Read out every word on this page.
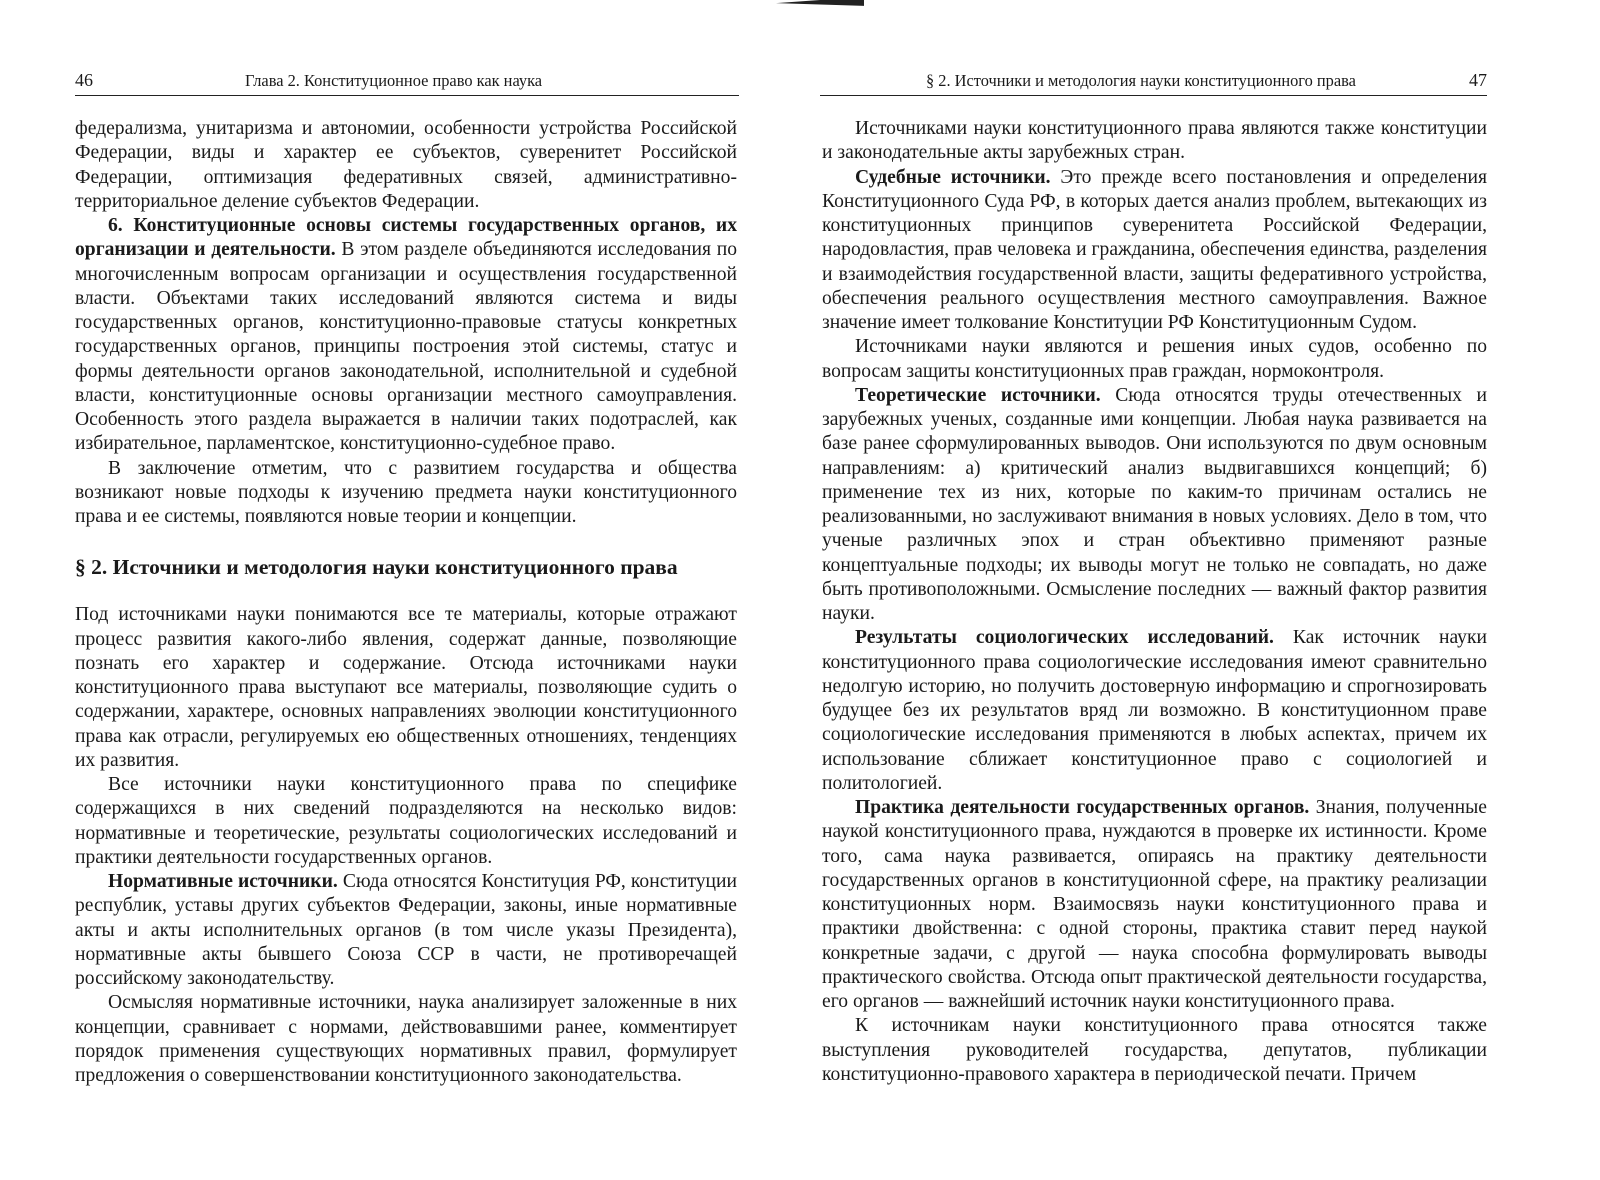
46	Глава 2. Конституционное право как наука

федерализма, унитаризма и автономии, особенности устройства Российской Федерации, виды и характер ее субъектов, суверенитет Российской Федерации, оптимизация федеративных связей, административно-территориальное деление субъектов Федерации.

6. Конституционные основы системы государственных органов, их организации и деятельности. В этом разделе объединяются исследования по многочисленным вопросам организации и осуществления государственной власти. Объектами таких исследований являются система и виды государственных органов, конституционно-правовые статусы конкретных государственных органов, принципы построения этой системы, статус и формы деятельности органов законодательной, исполнительной и судебной власти, конституционные основы организации местного самоуправления. Особенность этого раздела выражается в наличии таких подотраслей, как избирательное, парламентское, конституционно-судебное право.

В заключение отметим, что с развитием государства и общества возникают новые подходы к изучению предмета науки конституционного права и ее системы, появляются новые теории и концепции.

§ 2. Источники и методология науки конституционного права

Под источниками науки понимаются все те материалы, которые отражают процесс развития какого-либо явления, содержат данные, позволяющие познать его характер и содержание. Отсюда источниками науки конституционного права выступают все материалы, позволяющие судить о содержании, характере, основных направлениях эволюции конституционного права как отрасли, регулируемых ею общественных отношениях, тенденциях их развития.

Все источники науки конституционного права по специфике содержащихся в них сведений подразделяются на несколько видов: нормативные и теоретические, результаты социологических исследований и практики деятельности государственных органов.

Нормативные источники. Сюда относятся Конституция РФ, конституции республик, уставы других субъектов Федерации, законы, иные нормативные акты и акты исполнительных органов (в том числе указы Президента), нормативные акты бывшего Союза ССР в части, не противоречащей российскому законодательству.

Осмысляя нормативные источники, наука анализирует заложенные в них концепции, сравнивает с нормами, действовавшими ранее, комментирует порядок применения существующих нормативных правил, формулирует предложения о совершенствовании конституционного законодательства.

§ 2. Источники и методология науки конституционного права	47

Источниками науки конституционного права являются также конституции и законодательные акты зарубежных стран.

Судебные источники. Это прежде всего постановления и определения Конституционного Суда РФ, в которых дается анализ проблем, вытекающих из конституционных принципов суверенитета Российской Федерации, народовластия, прав человека и гражданина, обеспечения единства, разделения и взаимодействия государственной власти, защиты федеративного устройства, обеспечения реального осуществления местного самоуправления. Важное значение имеет толкование Конституции РФ Конституционным Судом.

Источниками науки являются и решения иных судов, особенно по вопросам защиты конституционных прав граждан, нормоконтроля.

Теоретические источники. Сюда относятся труды отечественных и зарубежных ученых, созданные ими концепции. Любая наука развивается на базе ранее сформулированных выводов. Они используются по двум основным направлениям: а) критический анализ выдвигавшихся концепций; б) применение тех из них, которые по каким-то причинам остались не реализованными, но заслуживают внимания в новых условиях. Дело в том, что ученые различных эпох и стран объективно применяют разные концептуальные подходы; их выводы могут не только не совпадать, но даже быть противоположными. Осмысление последних — важный фактор развития науки.

Результаты социологических исследований. Как источник науки конституционного права социологические исследования имеют сравнительно недолгую историю, но получить достоверную информацию и спрогнозировать будущее без их результатов вряд ли возможно. В конституционном праве социологические исследования применяются в любых аспектах, причем их использование сближает конституционное право с социологией и политологией.

Практика деятельности государственных органов. Знания, полученные наукой конституционного права, нуждаются в проверке их истинности. Кроме того, сама наука развивается, опираясь на практику деятельности государственных органов в конституционной сфере, на практику реализации конституционных норм. Взаимосвязь науки конституционного права и практики двойственна: с одной стороны, практика ставит перед наукой конкретные задачи, с другой — наука способна формулировать выводы практического свойства. Отсюда опыт практической деятельности государства, его органов — важнейший источник науки конституционного права.

К источникам науки конституционного права относятся также выступления руководителей государства, депутатов, публикации конституционно-правового характера в периодической печати. Причем
